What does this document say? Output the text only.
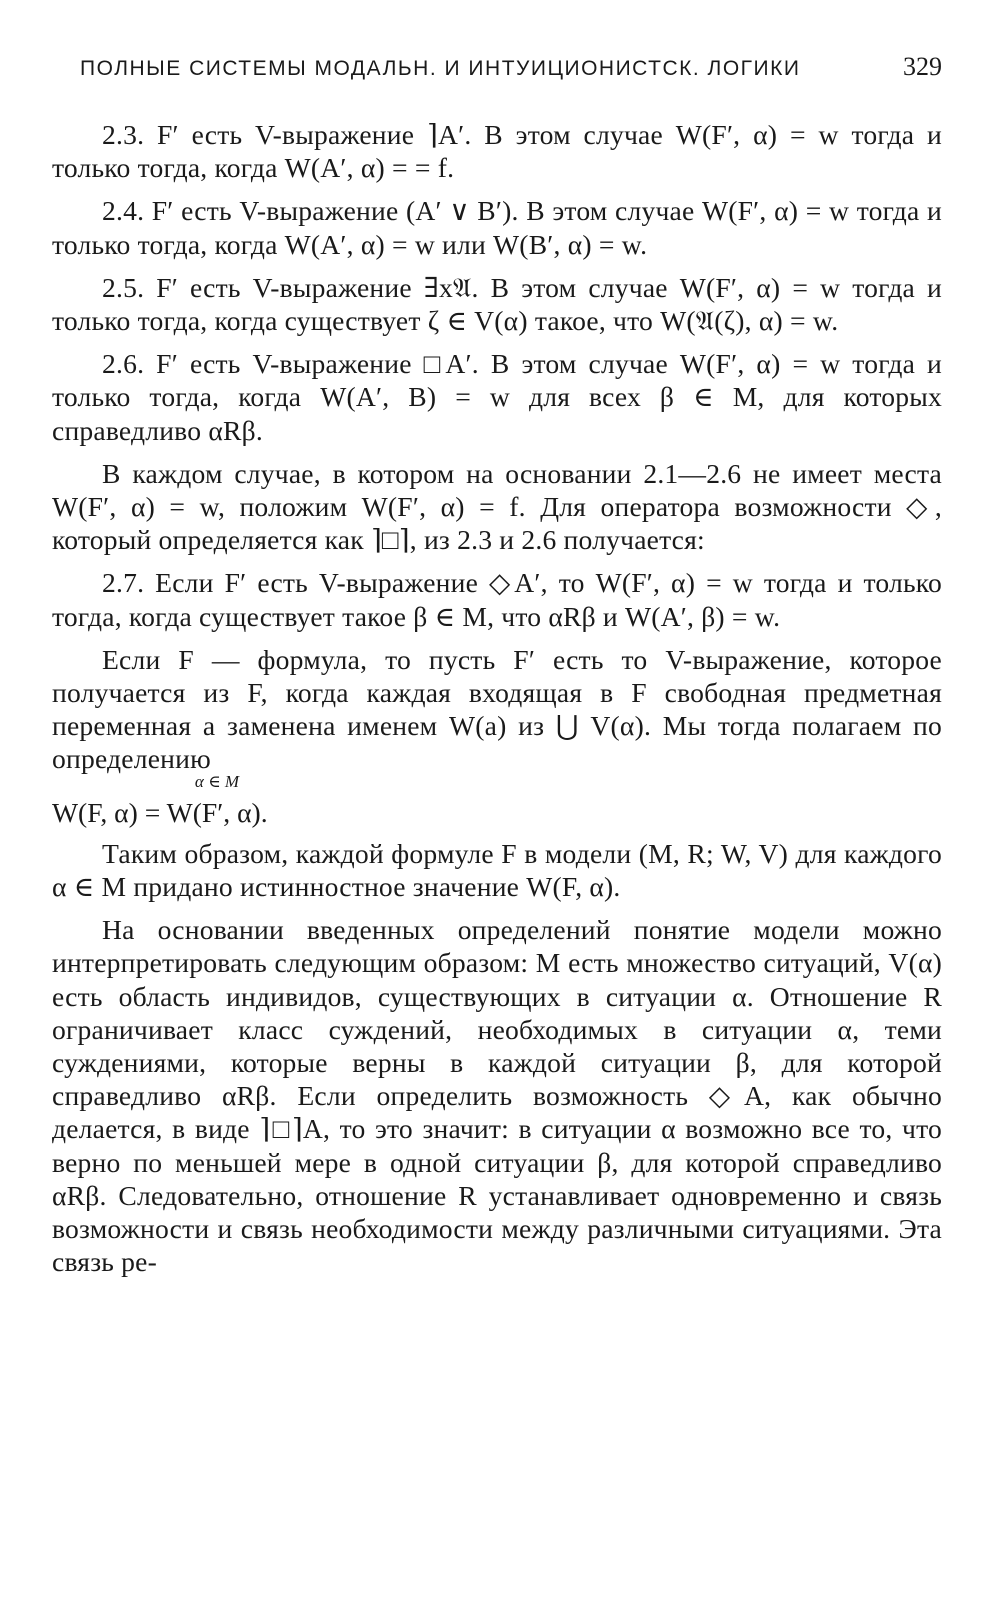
ПОЛНЫЕ СИСТЕМЫ МОДАЛЬН. И ИНТУИЦИОНИСТСК. ЛОГИКИ	329

2.3. F′ есть V-выражение ⌉A′. В этом случае W(F′, α) = w тогда и только тогда, когда W(A′, α) = = f.

2.4. F′ есть V-выражение (A′ ∨ B′). В этом случае W(F′, α) = w тогда и только тогда, когда W(A′, α) = w или W(B′, α) = w.

2.5. F′ есть V-выражение ∃x𝔄. В этом случае W(F′, α) = w тогда и только тогда, когда существует ζ ∈ V(α) такое, что W(𝔄(ζ), α) = w.

2.6. F′ есть V-выражение □A′. В этом случае W(F′, α) = w тогда и только тогда, когда W(A′, B) = w для всех β ∈ M, для которых справедливо αRβ.

В каждом случае, в котором на основании 2.1—2.6 не имеет места W(F′, α) = w, положим W(F′, α) = f. Для оператора возможности ◇, который определяется как ⌉□⌉, из 2.3 и 2.6 получается:

2.7. Если F′ есть V-выражение ◇A′, то W(F′, α) = w тогда и только тогда, когда существует такое β ∈ M, что αRβ и W(A′, β) = w.

Если F — формула, то пусть F′ есть то V-выражение, которое получается из F, когда каждая входящая в F свободная предметная переменная a заменена именем W(a) из ⋃ V(α). Мы тогда полагаем по определению

α ∈ M
W(F, α) = W(F′, α).

Таким образом, каждой формуле F в модели (M, R; W, V) для каждого α ∈ M придано истинностное значение W(F, α).

На основании введенных определений понятие модели можно интерпретировать следующим образом: M есть множество ситуаций, V(α) есть область индивидов, существующих в ситуации α. Отношение R ограничивает класс суждений, необходимых в ситуации α, теми суждениями, которые верны в каждой ситуации β, для которой справедливо αRβ. Если определить возможность ◇A, как обычно делается, в виде ⌉□⌉A, то это значит: в ситуации α возможно все то, что верно по меньшей мере в одной ситуации β, для которой справедливо αRβ. Следовательно, отношение R устанавливает одновременно и связь возможности и связь необходимости между различными ситуациями. Эта связь ре-
